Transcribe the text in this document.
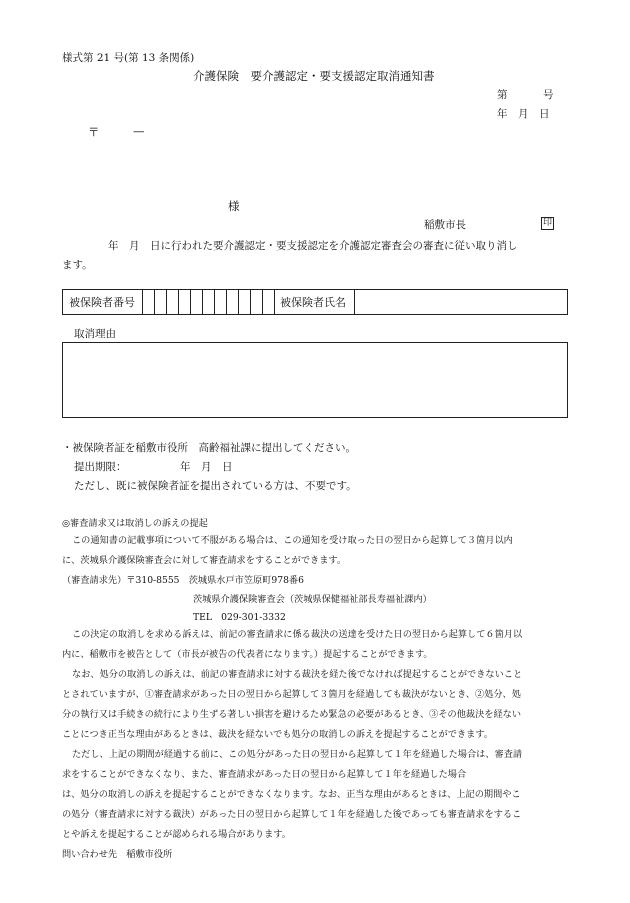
様式第 21 号(第 13 条関係)
介護保険　要介護認定・要支援認定取消通知書
第	号
年　月　日
〒	—
様
稲敷市長	印
年　月　日に行われた要介護認定・要支援認定を介護認定審査会の審査に従い取り消し
ます。
被保険者番号	被保険者氏名
取消理由
・被保険者証を稲敷市役所　高齢福祉課に提出してください。
提出期限：	年　月　日
ただし、既に被保険者証を提出されている方は、不要です。
◎審査請求又は取消しの訴えの提起
この通知書の記載事項について不服がある場合は、この通知を受け取った日の翌日から起算して３箇月以内
に、茨城県介護保険審査会に対して審査請求をすることができます。
（審査請求先）〒310-8555　茨城県水戸市笠原町978番6
茨城県介護保険審査会（茨城県保健福祉部長寿福祉課内）
TEL　029-301-3332
この決定の取消しを求める訴えは、前記の審査請求に係る裁決の送達を受けた日の翌日から起算して６箇月以
内に、稲敷市を被告として（市長が被告の代表者になります。）提起することができます。
なお、処分の取消しの訴えは、前記の審査請求に対する裁決を経た後でなければ提起することができないこと
とされていますが、①審査請求があった日の翌日から起算して３箇月を経過しても裁決がないとき、②処分、処
分の執行又は手続きの続行により生ずる著しい損害を避けるため緊急の必要があるとき、③その他裁決を経ない
ことにつき正当な理由があるときは、裁決を経ないでも処分の取消しの訴えを提起することができます。
ただし、上記の期間が経過する前に、この処分があった日の翌日から起算して１年を経過した場合は、審査請
求をすることができなくなり、また、審査請求があった日の翌日から起算して１年を経過した場合
は、処分の取消しの訴えを提起することができなくなります。なお、正当な理由があるときは、上記の期間やこ
の処分（審査請求に対する裁決）があった日の翌日から起算して１年を経過した後であっても審査請求をするこ
とや訴えを提起することが認められる場合があります。
問い合わせ先　稲敷市役所
